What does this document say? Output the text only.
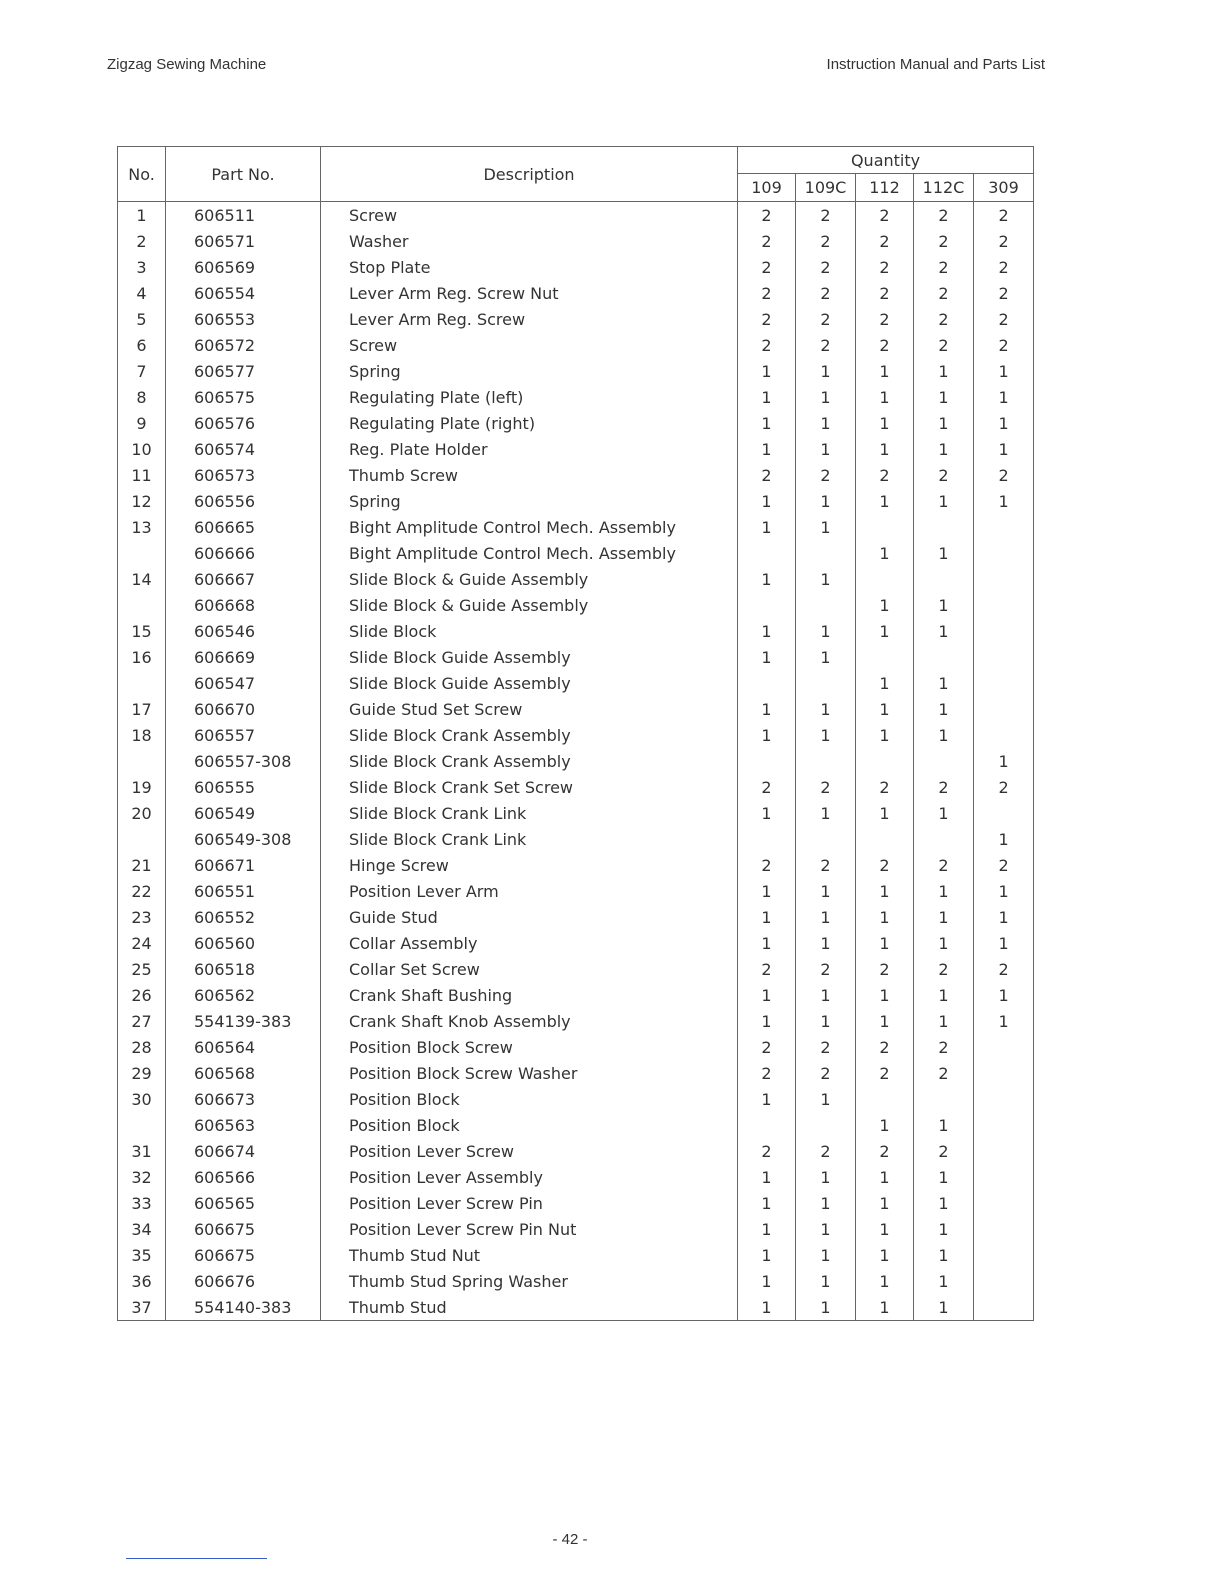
Zigzag Sewing Machine	Instruction Manual and Parts List
No.	Part No.	Description	Quantity				
			109	109C	112	112C	309
1	606511	Screw	2	2	2	2	2
2	606571	Washer	2	2	2	2	2
3	606569	Stop Plate	2	2	2	2	2
4	606554	Lever Arm Reg. Screw Nut	2	2	2	2	2
5	606553	Lever Arm Reg. Screw	2	2	2	2	2
6	606572	Screw	2	2	2	2	2
7	606577	Spring	1	1	1	1	1
8	606575	Regulating Plate (left)	1	1	1	1	1
9	606576	Regulating Plate (right)	1	1	1	1	1
10	606574	Reg. Plate Holder	1	1	1	1	1
11	606573	Thumb Screw	2	2	2	2	2
12	606556	Spring	1	1	1	1	1
13	606665	Bight Amplitude Control Mech. Assembly	1	1			
	606666	Bight Amplitude Control Mech. Assembly			1	1	
14	606667	Slide Block & Guide Assembly	1	1			
	606668	Slide Block & Guide Assembly			1	1	
15	606546	Slide Block	1	1	1	1	
16	606669	Slide Block Guide Assembly	1	1			
	606547	Slide Block Guide Assembly			1	1	
17	606670	Guide Stud Set Screw	1	1	1	1	
18	606557	Slide Block Crank Assembly	1	1	1	1	
	606557-308	Slide Block Crank Assembly					1
19	606555	Slide Block Crank Set Screw	2	2	2	2	2
20	606549	Slide Block Crank Link	1	1	1	1	
	606549-308	Slide Block Crank Link					1
21	606671	Hinge Screw	2	2	2	2	2
22	606551	Position Lever Arm	1	1	1	1	1
23	606552	Guide Stud	1	1	1	1	1
24	606560	Collar Assembly	1	1	1	1	1
25	606518	Collar Set Screw	2	2	2	2	2
26	606562	Crank Shaft Bushing	1	1	1	1	1
27	554139-383	Crank Shaft Knob Assembly	1	1	1	1	1
28	606564	Position Block Screw	2	2	2	2	
29	606568	Position Block Screw Washer	2	2	2	2	
30	606673	Position Block	1	1			
	606563	Position Block			1	1	
31	606674	Position Lever Screw	2	2	2	2	
32	606566	Position Lever Assembly	1	1	1	1	
33	606565	Position Lever Screw Pin	1	1	1	1	
34	606675	Position Lever Screw Pin Nut	1	1	1	1	
35	606675	Thumb Stud Nut	1	1	1	1	
36	606676	Thumb Stud Spring Washer	1	1	1	1	
37	554140-383	Thumb Stud	1	1	1	1	
- 42 -
